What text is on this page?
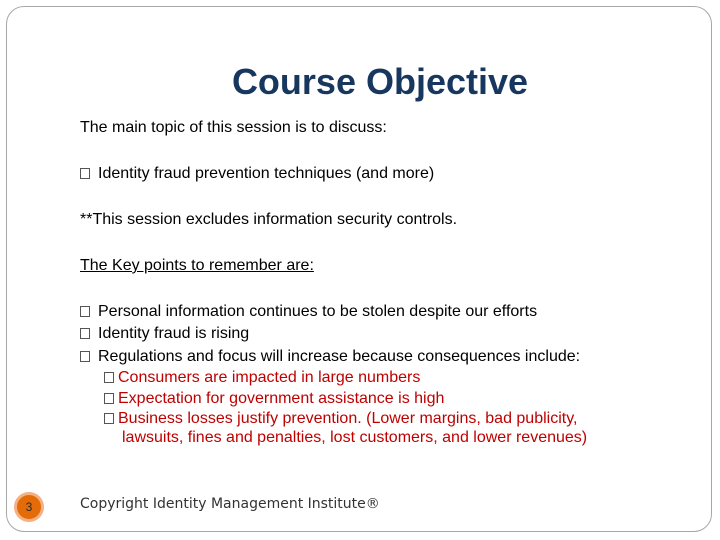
Course Objective
The main topic of this session is to discuss:
Identity fraud prevention techniques (and more)
**This session excludes information security controls.
The Key points to remember are:
Personal information continues to be stolen despite our efforts
Identity fraud is rising
Regulations and focus will increase because consequences include:
Consumers are impacted in large numbers
Expectation for government assistance is high
Business losses justify prevention. (Lower margins, bad publicity,
lawsuits, fines and penalties, lost customers, and lower revenues)
3	Copyright Identity Management Institute®
